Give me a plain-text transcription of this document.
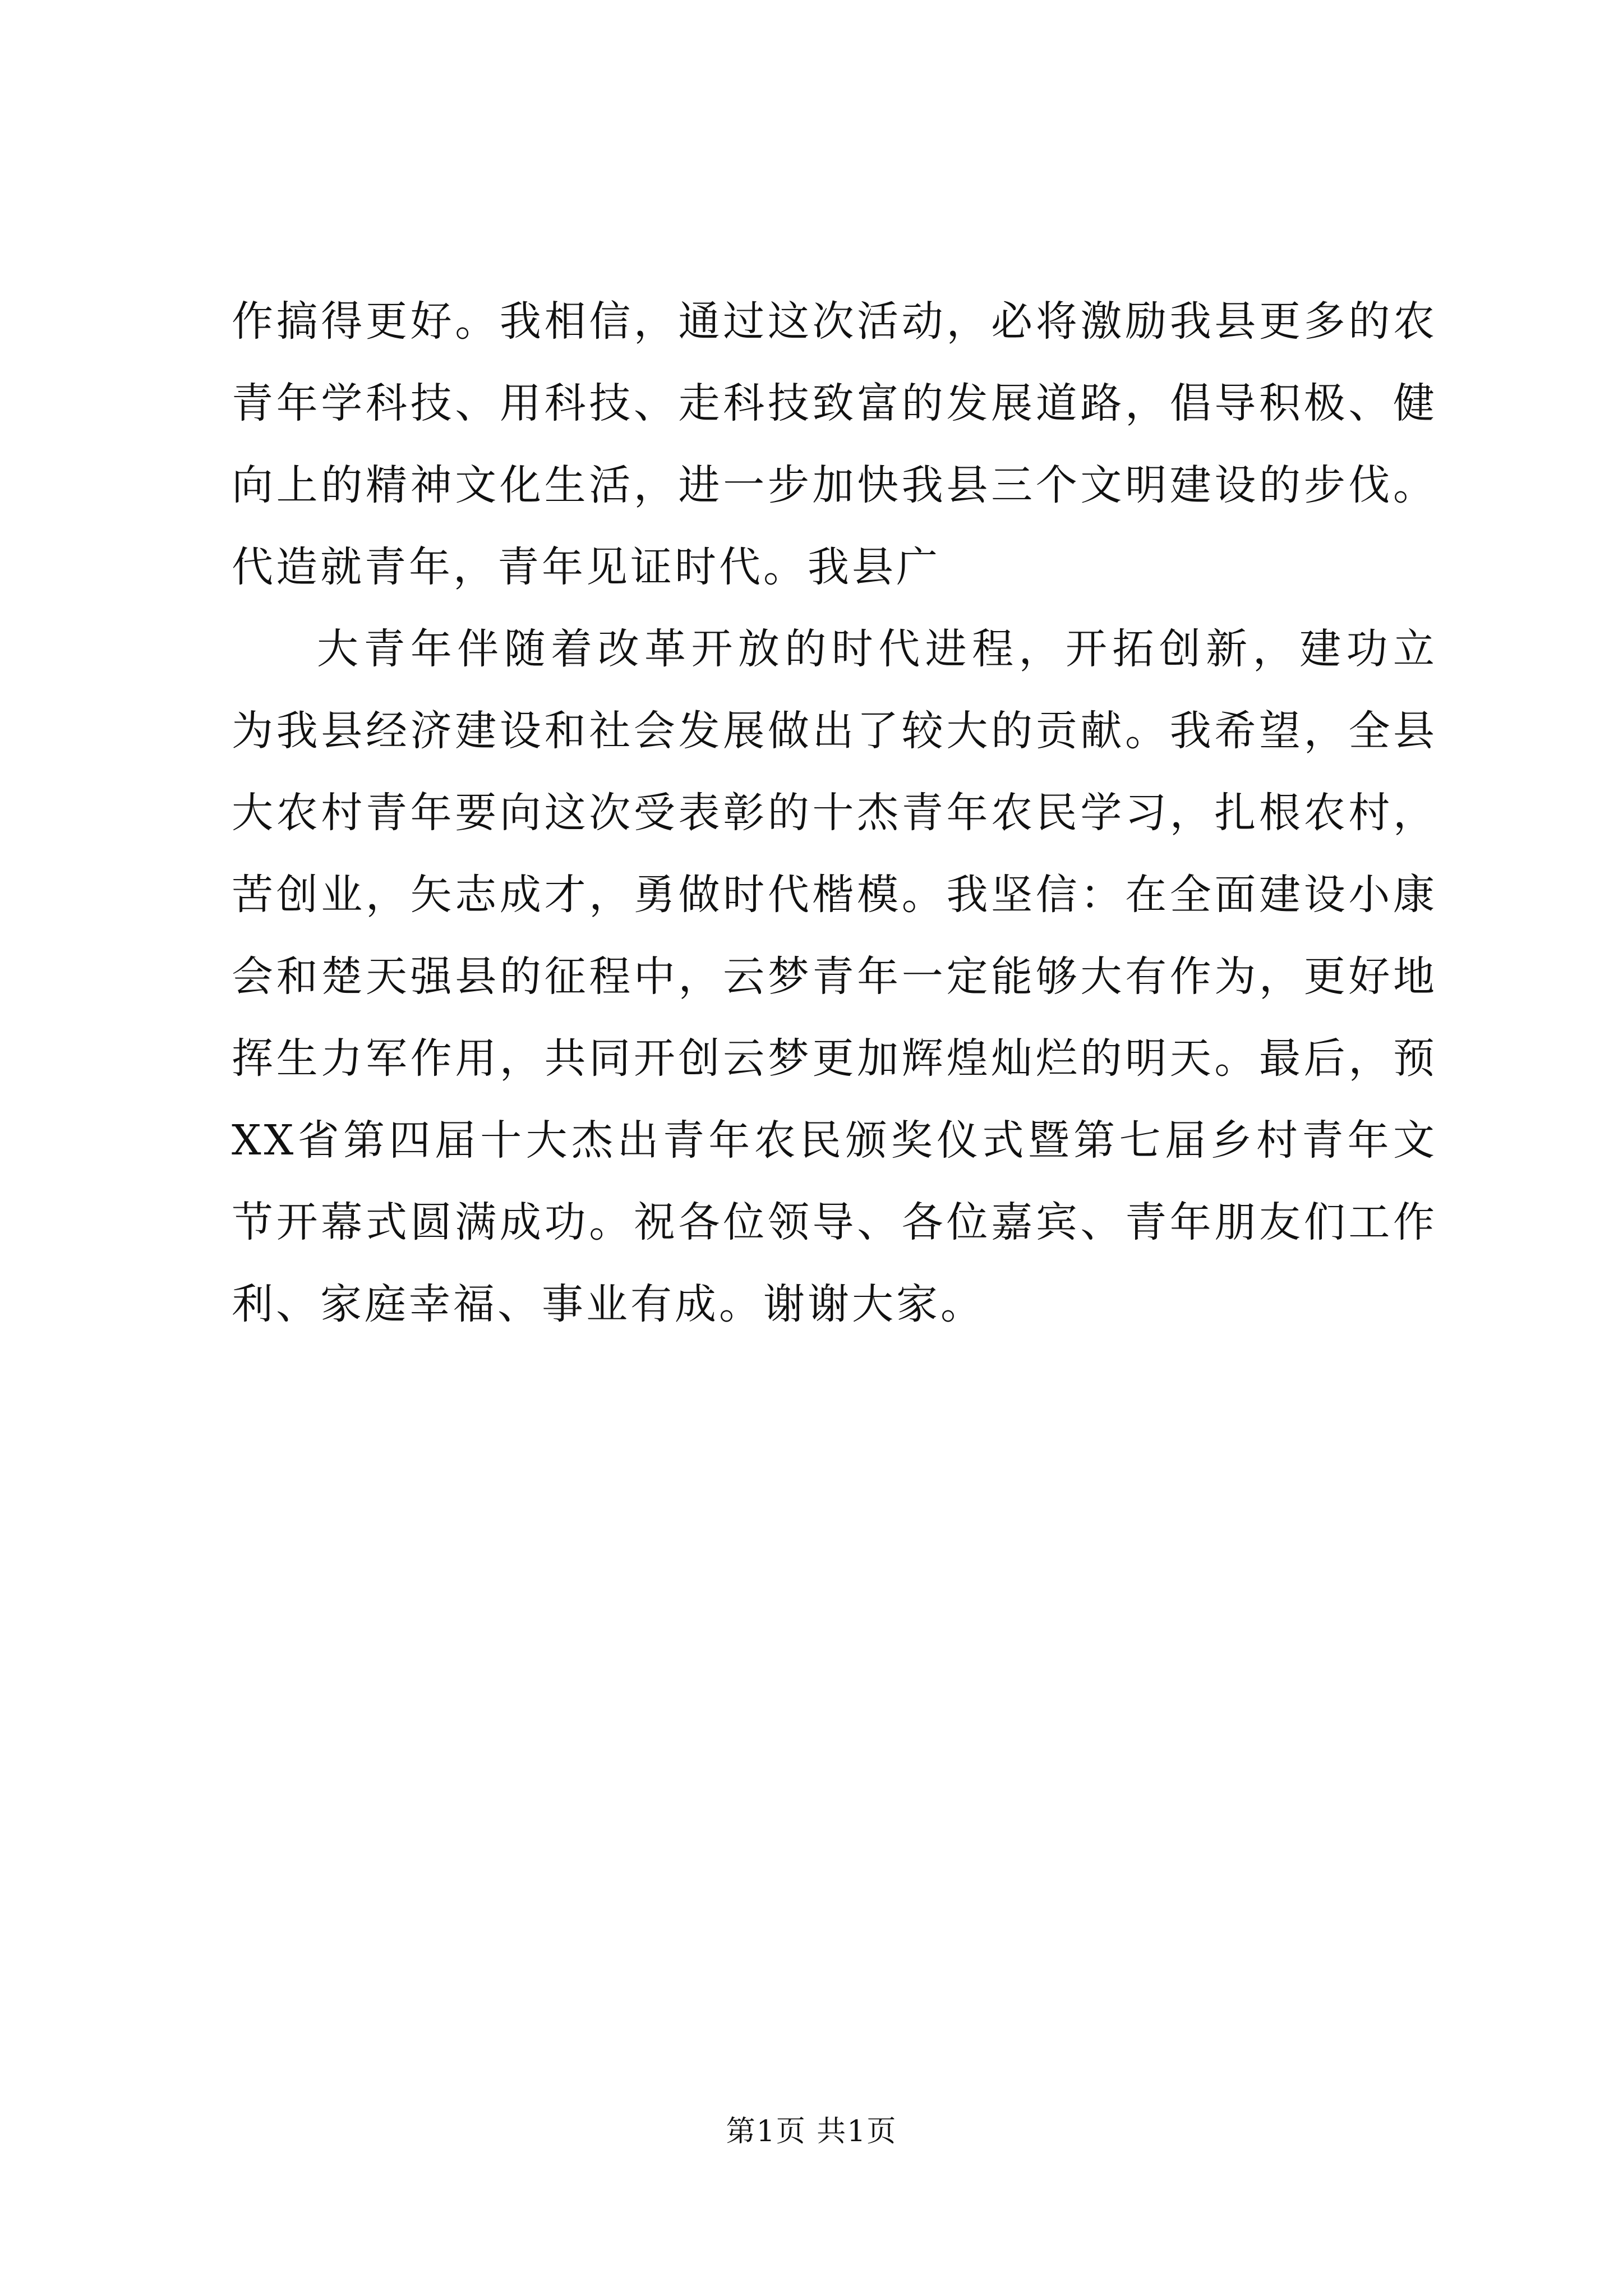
作搞得更好。我相信，通过这次活动，必将激励我县更多的农
青年学科技、用科技、走科技致富的发展道路，倡导积极、健
向上的精神文化生活，进一步加快我县三个文明建设的步伐。
代造就青年，青年见证时代。我县广
大青年伴随着改革开放的时代进程，开拓创新，建功立
为我县经济建设和社会发展做出了较大的贡献。我希望，全县
大农村青年要向这次受表彰的十杰青年农民学习，扎根农村，
苦创业，矢志成才，勇做时代楷模。我坚信：在全面建设小康
会和楚天强县的征程中，云梦青年一定能够大有作为，更好地
挥生力军作用，共同开创云梦更加辉煌灿烂的明天。最后，预
XX省第四届十大杰出青年农民颁奖仪式暨第七届乡村青年文
节开幕式圆满成功。祝各位领导、各位嘉宾、青年朋友们工作
利、家庭幸福、事业有成。谢谢大家。
第1页 共1页
